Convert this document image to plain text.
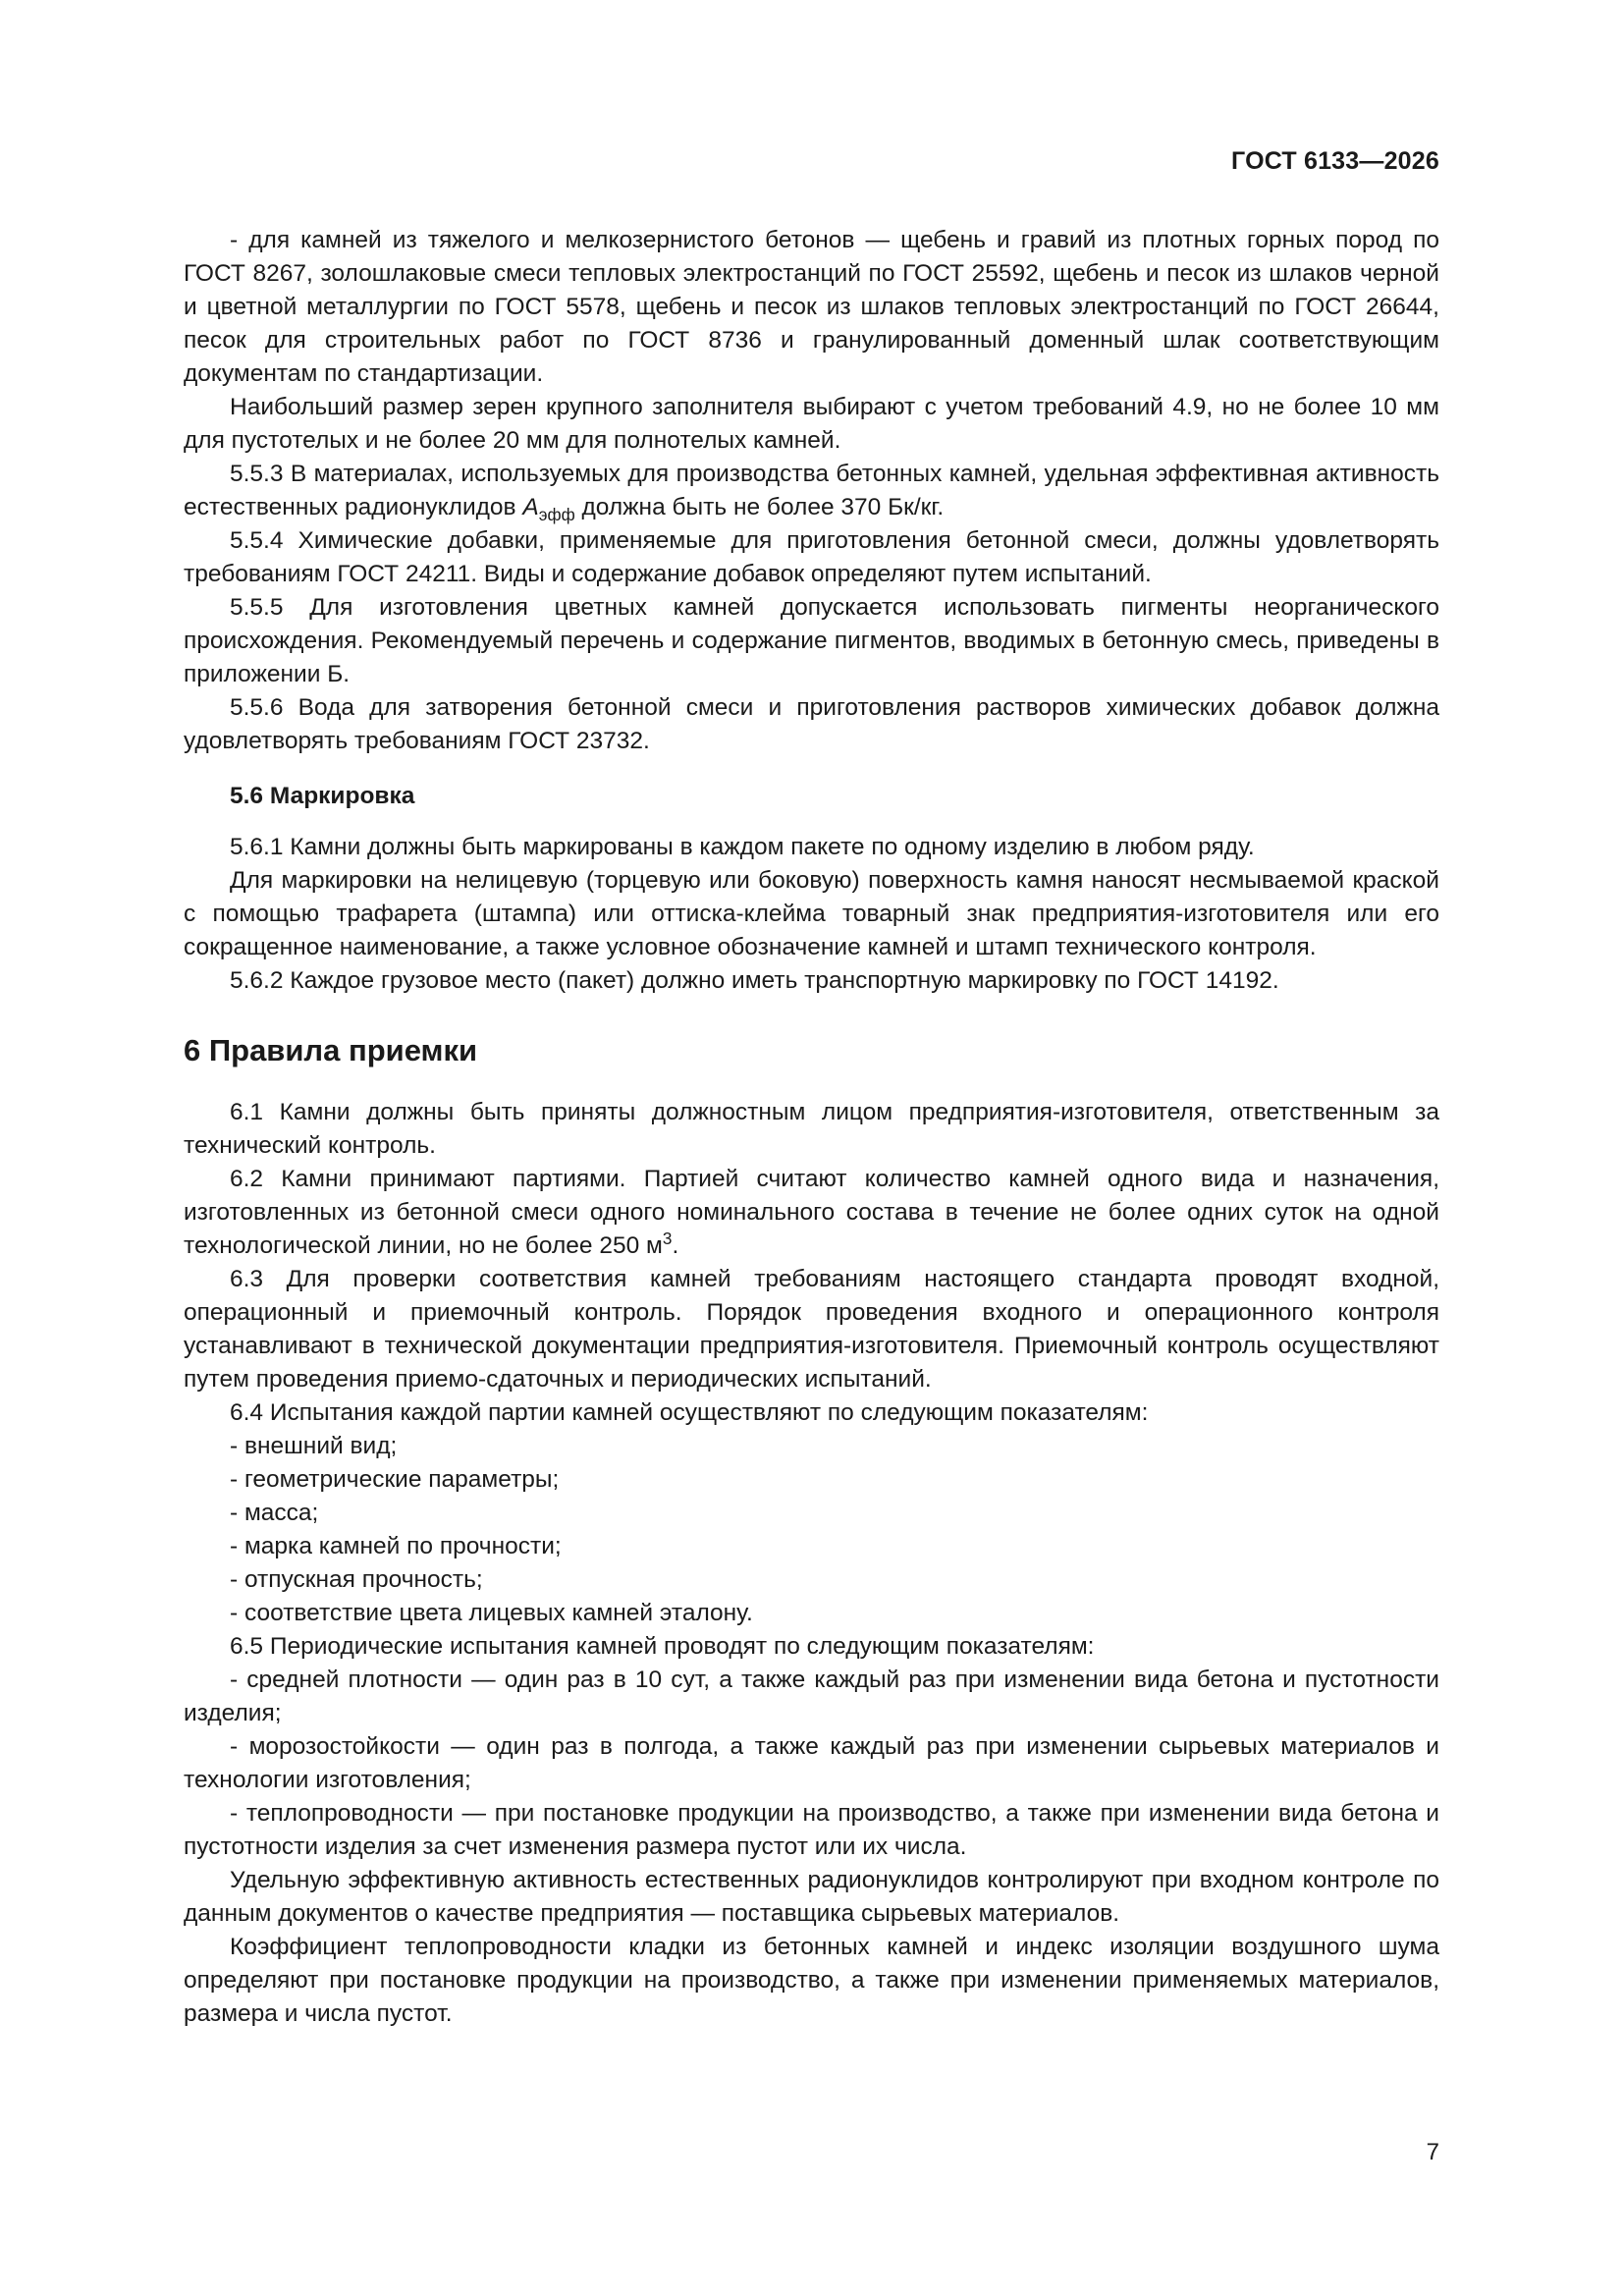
ГОСТ 6133—2026

- для камней из тяжелого и мелкозернистого бетонов — щебень и гравий из плотных горных пород по ГОСТ 8267, золошлаковые смеси тепловых электростанций по ГОСТ 25592, щебень и песок из шлаков черной и цветной металлургии по ГОСТ 5578, щебень и песок из шлаков тепловых электростанций по ГОСТ 26644, песок для строительных работ по ГОСТ 8736 и гранулированный доменный шлак соответствующим документам по стандартизации.

Наибольший размер зерен крупного заполнителя выбирают с учетом требований 4.9, но не более 10 мм для пустотелых и не более 20 мм для полнотелых камней.

5.5.3 В материалах, используемых для производства бетонных камней, удельная эффективная активность естественных радионуклидов $A_{эфф}$ должна быть не более 370 Бк/кг.

5.5.4 Химические добавки, применяемые для приготовления бетонной смеси, должны удовлетворять требованиям ГОСТ 24211. Виды и содержание добавок определяют путем испытаний.

5.5.5 Для изготовления цветных камней допускается использовать пигменты неорганического происхождения. Рекомендуемый перечень и содержание пигментов, вводимых в бетонную смесь, приведены в приложении Б.

5.5.6 Вода для затворения бетонной смеси и приготовления растворов химических добавок должна удовлетворять требованиям ГОСТ 23732.

5.6 Маркировка

5.6.1 Камни должны быть маркированы в каждом пакете по одному изделию в любом ряду.

Для маркировки на нелицевую (торцевую или боковую) поверхность камня наносят несмываемой краской с помощью трафарета (штампа) или оттиска-клейма товарный знак предприятия-изготовителя или его сокращенное наименование, а также условное обозначение камней и штамп технического контроля.

5.6.2 Каждое грузовое место (пакет) должно иметь транспортную маркировку по ГОСТ 14192.

6 Правила приемки

6.1 Камни должны быть приняты должностным лицом предприятия-изготовителя, ответственным за технический контроль.

6.2 Камни принимают партиями. Партией считают количество камней одного вида и назначения, изготовленных из бетонной смеси одного номинального состава в течение не более одних суток на одной технологической линии, но не более 250 $м^3$.

6.3 Для проверки соответствия камней требованиям настоящего стандарта проводят входной, операционный и приемочный контроль. Порядок проведения входного и операционного контроля устанавливают в технической документации предприятия-изготовителя. Приемочный контроль осуществляют путем проведения приемо-сдаточных и периодических испытаний.

6.4 Испытания каждой партии камней осуществляют по следующим показателям:

- внешний вид;

- геометрические параметры;

- масса;

- марка камней по прочности;

- отпускная прочность;

- соответствие цвета лицевых камней эталону.

6.5 Периодические испытания камней проводят по следующим показателям:

- средней плотности — один раз в 10 сут, а также каждый раз при изменении вида бетона и пустотности изделия;

- морозостойкости — один раз в полгода, а также каждый раз при изменении сырьевых материалов и технологии изготовления;

- теплопроводности — при постановке продукции на производство, а также при изменении вида бетона и пустотности изделия за счет изменения размера пустот или их числа.

Удельную эффективную активность естественных радионуклидов контролируют при входном контроле по данным документов о качестве предприятия — поставщика сырьевых материалов.

Коэффициент теплопроводности кладки из бетонных камней и индекс изоляции воздушного шума определяют при постановке продукции на производство, а также при изменении применяемых материалов, размера и числа пустот.

7
